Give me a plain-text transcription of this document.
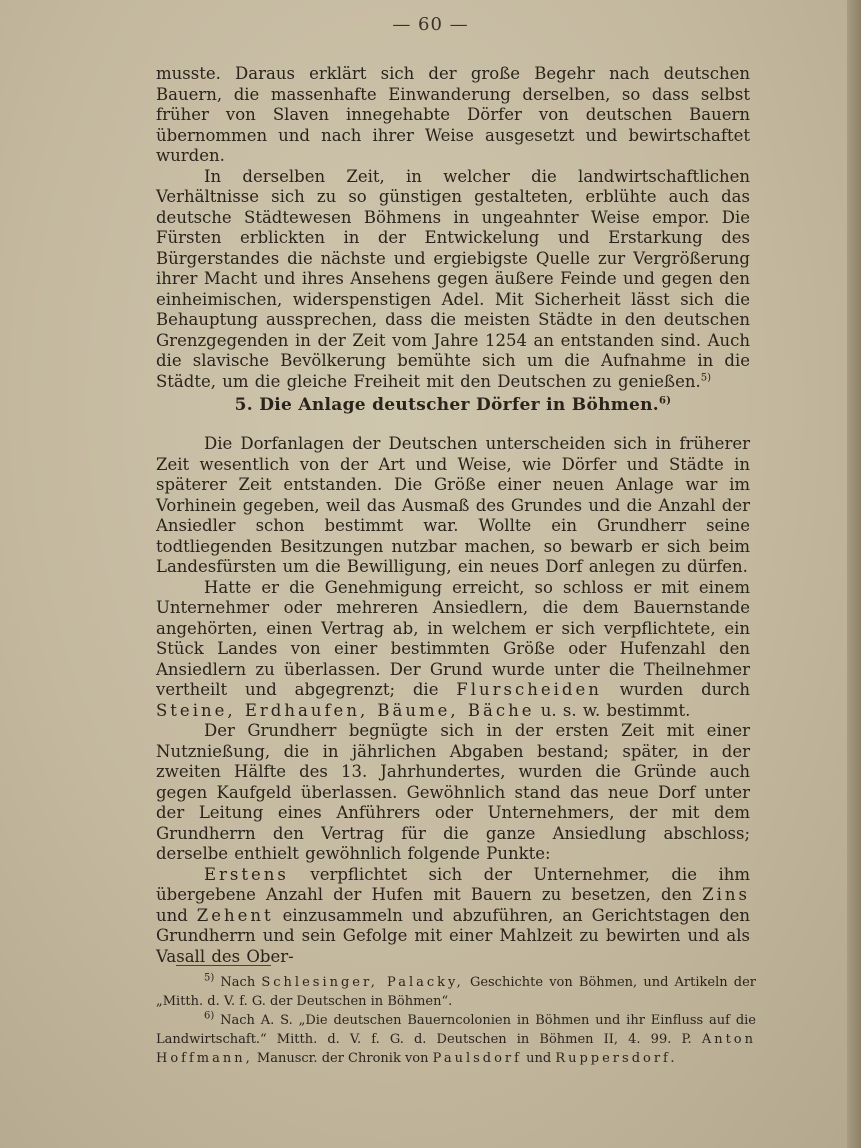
— 60 —

musste. Daraus erklärt sich der große Begehr nach deutschen Bauern, die massenhafte Einwanderung derselben, so dass selbst früher von Slaven innegehabte Dörfer von deutschen Bauern übernommen und nach ihrer Weise ausgesetzt und bewirtschaftet wurden.

In derselben Zeit, in welcher die landwirtschaftlichen Verhältnisse sich zu so günstigen gestalteten, erblühte auch das deutsche Städtewesen Böhmens in ungeahnter Weise empor. Die Fürsten erblickten in der Entwickelung und Erstarkung des Bürgerstandes die nächste und ergiebigste Quelle zur Vergrößerung ihrer Macht und ihres Ansehens gegen äußere Feinde und gegen den einheimischen, widerspenstigen Adel. Mit Sicherheit lässt sich die Behauptung aussprechen, dass die meisten Städte in den deutschen Grenzgegenden in der Zeit vom Jahre 1254 an entstanden sind. Auch die slavische Bevölkerung bemühte sich um die Aufnahme in die Städte, um die gleiche Freiheit mit den Deutschen zu genießen.$^{5)}$

5. Die Anlage deutscher Dörfer in Böhmen.$^{6)}$

Die Dorfanlagen der Deutschen unterscheiden sich in früherer Zeit wesentlich von der Art und Weise, wie Dörfer und Städte in späterer Zeit entstanden. Die Größe einer neuen Anlage war im Vorhinein gegeben, weil das Ausmaß des Grundes und die Anzahl der Ansiedler schon bestimmt war. Wollte ein Grundherr seine todtliegenden Besitzungen nutzbar machen, so bewarb er sich beim Landesfürsten um die Bewilligung, ein neues Dorf anlegen zu dürfen.

Hatte er die Genehmigung erreicht, so schloss er mit einem Unternehmer oder mehreren Ansiedlern, die dem Bauernstande angehörten, einen Vertrag ab, in welchem er sich verpflichtete, ein Stück Landes von einer bestimmten Größe oder Hufenzahl den Ansiedlern zu überlassen. Der Grund wurde unter die Theilnehmer vertheilt und abgegrenzt; die Flurscheiden wurden durch Steine, Erdhaufen, Bäume, Bäche u. s. w. bestimmt.

Der Grundherr begnügte sich in der ersten Zeit mit einer Nutznießung, die in jährlichen Abgaben bestand; später, in der zweiten Hälfte des 13. Jahrhundertes, wurden die Gründe auch gegen Kaufgeld überlassen. Gewöhnlich stand das neue Dorf unter der Leitung eines Anführers oder Unternehmers, der mit dem Grundherrn den Vertrag für die ganze Ansiedlung abschloss; derselbe enthielt gewöhnlich folgende Punkte:

Erstens verpflichtet sich der Unternehmer, die ihm übergebene Anzahl der Hufen mit Bauern zu besetzen, den Zins und Zehent einzusammeln und abzuführen, an Gerichtstagen den Grundherrn und sein Gefolge mit einer Mahlzeit zu bewirten und als Vasall des Ober-

$^{5)}$ Nach Schlesinger, Palacky, Geschichte von Böhmen, und Artikeln der „Mitth. d. V. f. G. der Deutschen in Böhmen“.

$^{6)}$ Nach A. S. „Die deutschen Bauerncolonien in Böhmen und ihr Einfluss auf die Landwirtschaft.“ Mitth. d. V. f. G. d. Deutschen in Böhmen II, 4. 99. P. Anton Hoffmann, Manuscr. der Chronik von Paulsdorf und Ruppersdorf.
